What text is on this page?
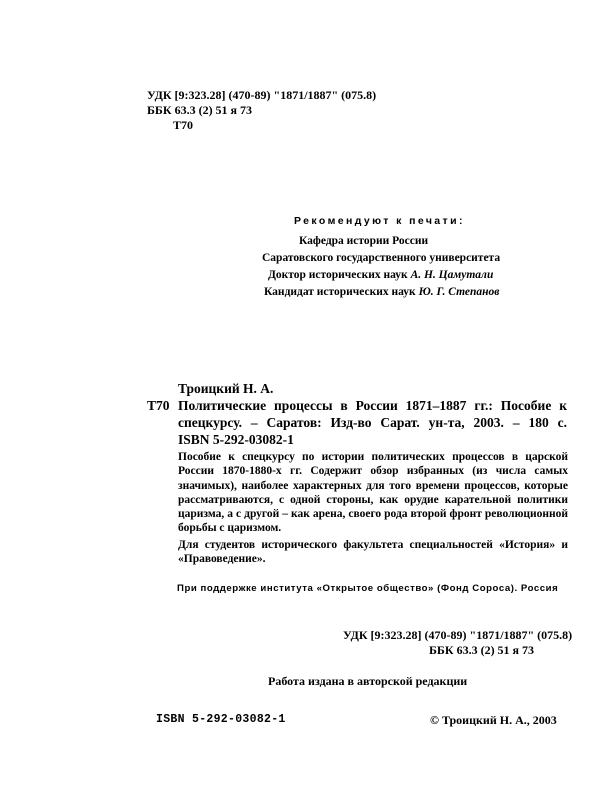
УДК [9:323.28] (470-89) "1871/1887" (075.8)
ББК 63.3 (2) 51 я 73
Т70
Рекомендуют к печати:
Кафедра истории России
Саратовского государственного университета
Доктор исторических наук А. Н. Цамутали
Кандидат исторических наук Ю. Г. Степанов
Троицкий Н. А.
Т70 Политические процессы в России 1871–1887 гг.: Пособие к
спецкурсу. – Саратов: Изд-во Сарат. ун-та, 2003. – 180 с.
ISBN 5-292-03082-1

Пособие к спецкурсу по истории политических процессов в царской России 1870-1880-х гг. Содержит обзор избранных (из числа самых значимых), наиболее характерных для того времени процессов, которые рассматриваются, с одной стороны, как орудие карательной политики царизма, а с другой – как арена, своего рода второй фронт революционной борьбы с царизмом.

Для студентов исторического факультета специальностей «История» и «Правоведение».

При поддержке института «Открытое общество» (Фонд Сороса). Россия
УДК [9:323.28] (470-89) "1871/1887" (075.8)
ББК 63.3 (2) 51 я 73
Работа издана в авторской редакции
ISBN 5-292-03082-1	© Троицкий Н. А., 2003
